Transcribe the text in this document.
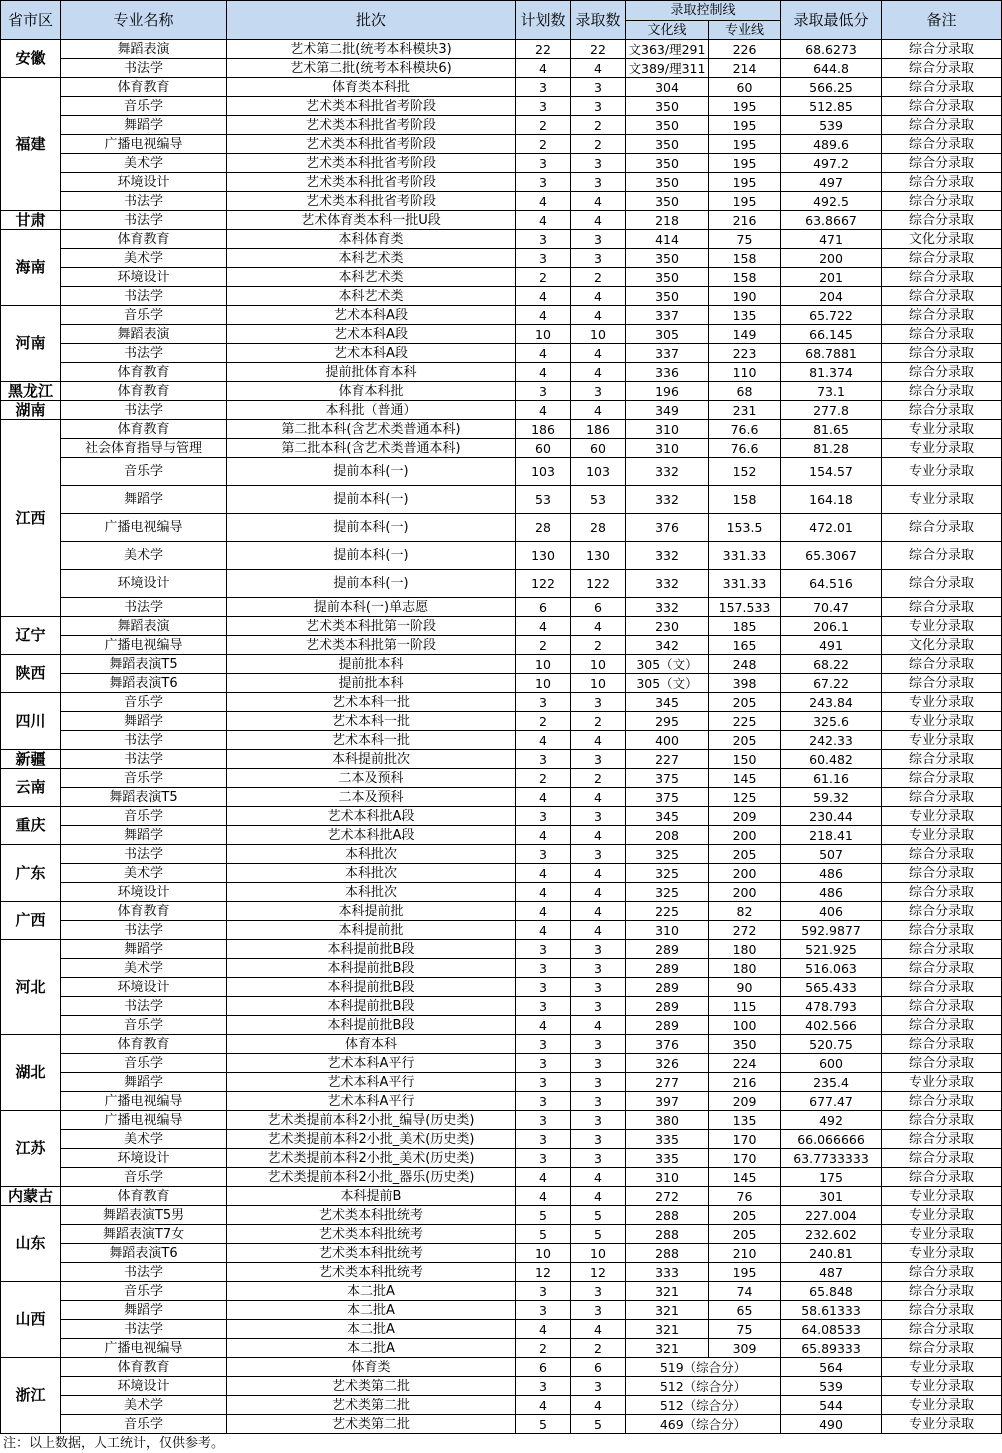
省市区	专业名称	批次	计划数	录取数	录取控制线		录取最低分	备注
					文化线	专业线		
安徽	舞蹈表演	艺术第二批(统考本科模块3)	22	22	文363/理291	226	68.6273	综合分录取
	书法学	艺术第二批(统考本科模块6)	4	4	文389/理311	214	644.8	综合分录取
福建	体育教育	体育类本科批	3	3	304	60	566.25	综合分录取
	音乐学	艺术类本科批省考阶段	3	3	350	195	512.85	综合分录取
	舞蹈学	艺术类本科批省考阶段	2	2	350	195	539	综合分录取
	广播电视编导	艺术类本科批省考阶段	2	2	350	195	489.6	综合分录取
	美术学	艺术类本科批省考阶段	3	3	350	195	497.2	综合分录取
	环境设计	艺术类本科批省考阶段	3	3	350	195	497	综合分录取
	书法学	艺术类本科批省考阶段	4	4	350	195	492.5	综合分录取
甘肃	书法学	艺术体育类本科一批U段	4	4	218	216	63.8667	综合分录取
海南	体育教育	本科体育类	3	3	414	75	471	文化分录取
	美术学	本科艺术类	3	3	350	158	200	综合分录取
	环境设计	本科艺术类	2	2	350	158	201	综合分录取
	书法学	本科艺术类	4	4	350	190	204	综合分录取
河南	音乐学	艺术本科A段	4	4	337	135	65.722	综合分录取
	舞蹈表演	艺术本科A段	10	10	305	149	66.145	综合分录取
	书法学	艺术本科A段	4	4	337	223	68.7881	综合分录取
	体育教育	提前批体育本科	4	4	336	110	81.374	综合分录取
黑龙江	体育教育	体育本科批	3	3	196	68	73.1	综合分录取
湖南	书法学	本科批（普通）	4	4	349	231	277.8	综合分录取
江西	体育教育	第二批本科(含艺术类普通本科)	186	186	310	76.6	81.65	专业分录取
	社会体育指导与管理	第二批本科(含艺术类普通本科)	60	60	310	76.6	81.28	专业分录取
	音乐学	提前本科(一)	103	103	332	152	154.57	专业分录取
	舞蹈学	提前本科(一)	53	53	332	158	164.18	专业分录取
	广播电视编导	提前本科(一)	28	28	376	153.5	472.01	综合分录取
	美术学	提前本科(一)	130	130	332	331.33	65.3067	综合分录取
	环境设计	提前本科(一)	122	122	332	331.33	64.516	综合分录取
	书法学	提前本科(一)单志愿	6	6	332	157.533	70.47	综合分录取
辽宁	舞蹈表演	艺术类本科批第一阶段	4	4	230	185	206.1	专业分录取
	广播电视编导	艺术类本科批第一阶段	2	2	342	165	491	文化分录取
陕西	舞蹈表演T5	提前批本科	10	10	305（文）	248	68.22	综合分录取
	舞蹈表演T6	提前批本科	10	10	305（文）	398	67.22	综合分录取
四川	音乐学	艺术本科一批	3	3	345	205	243.84	专业分录取
	舞蹈学	艺术本科一批	2	2	295	225	325.6	专业分录取
	书法学	艺术本科一批	4	4	400	205	242.33	专业分录取
新疆	书法学	本科提前批次	3	3	227	150	60.482	综合分录取
云南	音乐学	二本及预科	2	2	375	145	61.16	综合分录取
	舞蹈表演T5	二本及预科	4	4	375	125	59.32	综合分录取
重庆	音乐学	艺术本科批A段	3	3	345	209	230.44	专业分录取
	舞蹈学	艺术本科批A段	4	4	208	200	218.41	专业分录取
广东	书法学	本科批次	3	3	325	205	507	综合分录取
	美术学	本科批次	4	4	325	200	486	综合分录取
	环境设计	本科批次	4	4	325	200	486	综合分录取
广西	体育教育	本科提前批	4	4	225	82	406	综合分录取
	书法学	本科提前批	4	4	310	272	592.9877	综合分录取
河北	舞蹈学	本科提前批B段	3	3	289	180	521.925	综合分录取
	美术学	本科提前批B段	3	3	289	180	516.063	综合分录取
	环境设计	本科提前批B段	3	3	289	90	565.433	综合分录取
	书法学	本科提前批B段	3	3	289	115	478.793	综合分录取
	音乐学	本科提前批B段	4	4	289	100	402.566	综合分录取
湖北	体育教育	体育本科	3	3	376	350	520.75	综合分录取
	音乐学	艺术本科A平行	3	3	326	224	600	综合分录取
	舞蹈学	艺术本科A平行	3	3	277	216	235.4	专业分录取
	广播电视编导	艺术本科A平行	3	3	397	209	677.47	综合分录取
江苏	广播电视编导	艺术类提前本科2小批_编导(历史类)	3	3	380	135	492	综合分录取
	美术学	艺术类提前本科2小批_美术(历史类)	3	3	335	170	66.066666	综合分录取
	环境设计	艺术类提前本科2小批_美术(历史类)	3	3	335	170	63.7733333	综合分录取
	音乐学	艺术类提前本科2小批_器乐(历史类)	4	4	310	145	175	综合分录取
内蒙古	体育教育	本科提前B	4	4	272	76	301	专业分录取
山东	舞蹈表演T5男	艺术类本科批统考	5	5	288	205	227.004	专业分录取
	舞蹈表演T7女	艺术类本科批统考	5	5	288	205	232.602	专业分录取
	舞蹈表演T6	艺术类本科批统考	10	10	288	210	240.81	专业分录取
	书法学	艺术类本科批统考	12	12	333	195	487	综合分录取
山西	音乐学	本二批A	3	3	321	74	65.848	综合分录取
	舞蹈学	本二批A	3	3	321	65	58.61333	综合分录取
	书法学	本二批A	4	4	321	75	64.08533	综合分录取
	广播电视编导	本二批A	2	2	321	309	65.89333	综合分录取
浙江	体育教育	体育类	6	6	519（综合分）		564	专业分录取
	环境设计	艺术类第二批	3	3	512（综合分）		539	专业分录取
	美术学	艺术类第二批	4	4	512（综合分）		544	专业分录取
	音乐学	艺术类第二批	5	5	469（综合分）		490	专业分录取
注：以上数据，人工统计，仅供参考。
